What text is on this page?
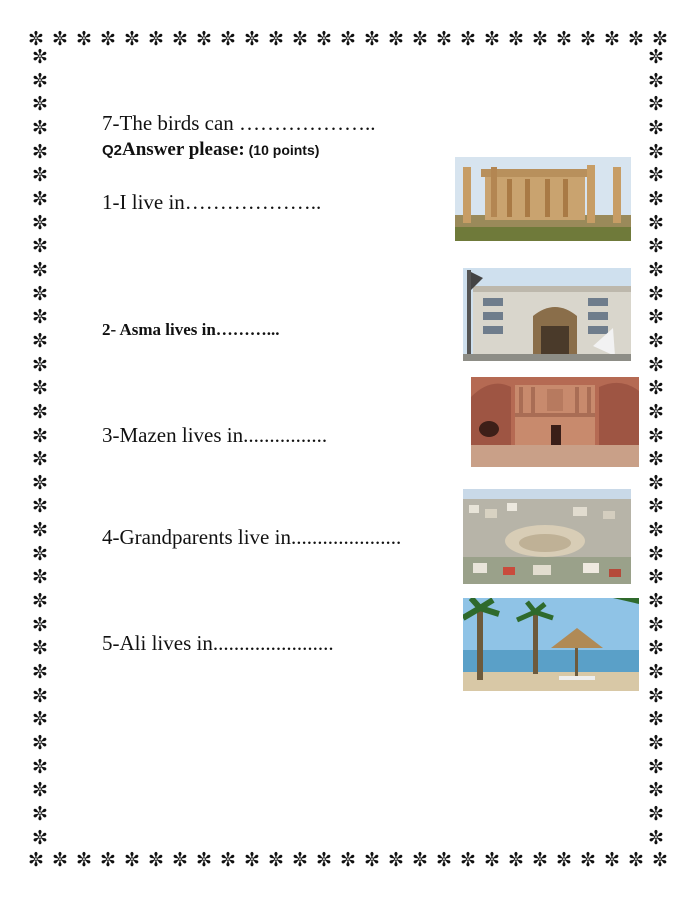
✼ ✼ ✼ ✼ ✼ ✼ ✼ ✼ ✼ ✼ ✼ ✼ ✼ ✼ ✼ ✼ ✼ ✼ ✼ ✼ ✼ ✼ ✼ ✼ ✼ ✼ ✼
✼ ✼ ✼ ✼ ✼ ✼ ✼ ✼ ✼ ✼ ✼ ✼ ✼ ✼ ✼ ✼ ✼ ✼ ✼ ✼ ✼ ✼ ✼ ✼ ✼ ✼ ✼
✼
✼
✼
✼
✼
✼
✼
✼
✼
✼
✼
✼
✼
✼
✼
✼
✼
✼
✼
✼
✼
✼
✼
✼
✼
✼
✼
✼
✼
✼
✼
✼
✼
✼
✼
✼
✼
✼
✼
✼
✼
✼
✼
✼
✼
✼
✼
✼
✼
✼
✼
✼
✼
✼
✼
✼
✼
✼
✼
✼
✼
✼
✼
✼
✼
✼
✼
✼
7-The birds can ………………..
Q2Answer please: (10 points)
1-I live in………………..
2- Asma lives in………...
3-Mazen lives in................
4-Grandparents live in.....................
5-Ali lives in.......................
